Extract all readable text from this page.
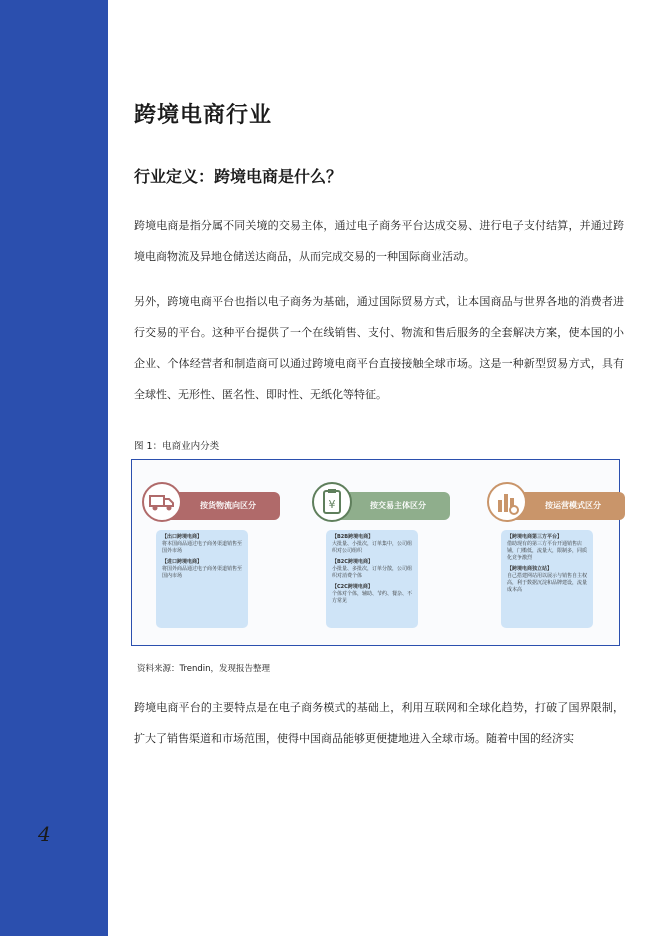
4
跨境电商行业
行业定义：跨境电商是什么？

跨境电商是指分属不同关境的交易主体，通过电子商务平台达成交易、进行电子支付结算，并通过跨境电商物流及异地仓储送达商品，从而完成交易的一种国际商业活动。

另外，跨境电商平台也指以电子商务为基础，通过国际贸易方式，让本国商品与世界各地的消费者进行交易的平台。这种平台提供了一个在线销售、支付、物流和售后服务的全套解决方案，使本国的小企业、个体经营者和制造商可以通过跨境电商平台直接接触全球市场。这是一种新型贸易方式，具有全球性、无形性、匿名性、即时性、无纸化等特征。

图 1：电商业内分类
按货物流向区分
【出口跨境电商】
将本国商品通过电子商务渠道销售至国外市场
【进口跨境电商】
将国外商品通过电子商务渠道销售至国内市场
按交易主体区分
¥
【B2B跨境电商】
大批量、小批次，订单集中，公司组织对公司组织
【B2C跨境电商】
小批量、多批次，订单分散，公司组织对消费个体
【C2C跨境电商】
个体对个体，辅助、节约、餐杂、不方常见
按运营模式区分
【跨境电商第三方平台】
借助现有的第三方平台开通销售店铺，门槛低，流量大，限制多，同质化竞争激烈
【跨境电商独立站】
自己搭建网站用以展示与销售自主权高，利于数据沉淀和品牌建设，流量成本高
资料来源：Trendin，发现报告整理

跨境电商平台的主要特点是在电子商务模式的基础上，利用互联网和全球化趋势，打破了国界限制，扩大了销售渠道和市场范围，使得中国商品能够更便捷地进入全球市场。随着中国的经济实
